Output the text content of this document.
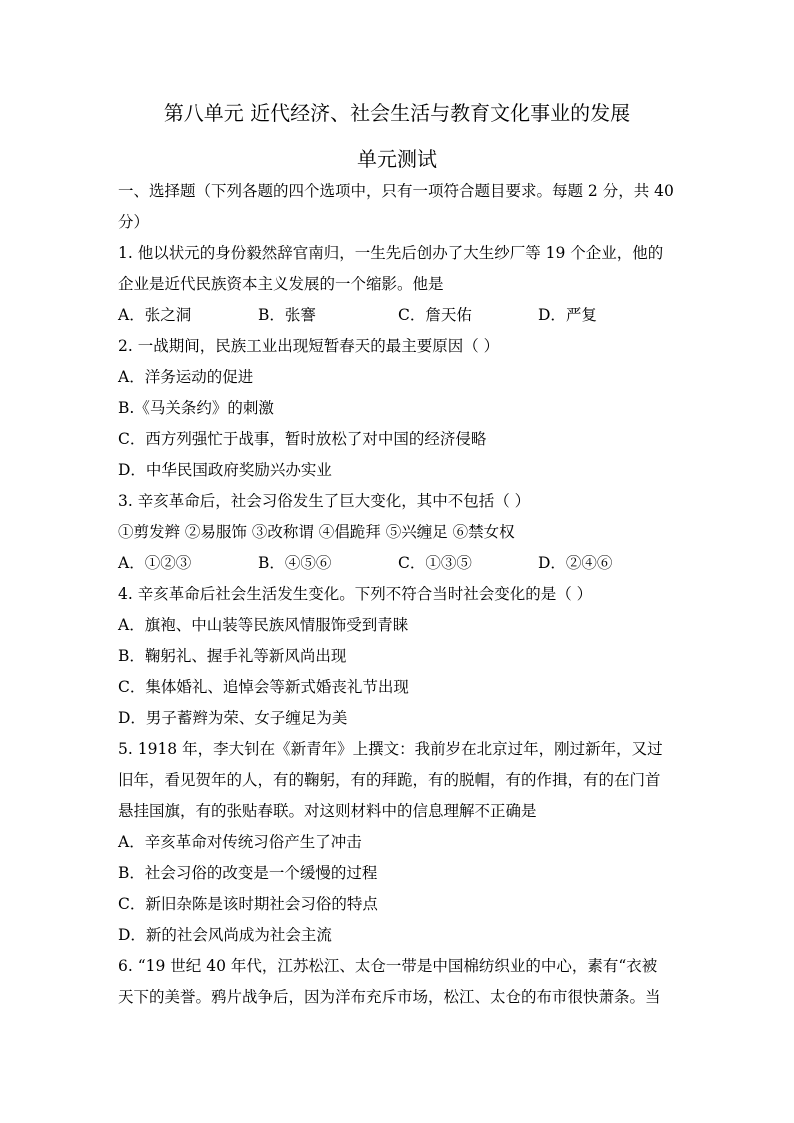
第八单元 近代经济、社会生活与教育文化事业的发展
单元测试
一、选择题（下列各题的四个选项中，只有一项符合题目要求。每题 2 分，共 40
分）
1. 他以状元的身份毅然辞官南归，一生先后创办了大生纱厂等 19 个企业，他的
企业是近代民族资本主义发展的一个缩影。他是
A．张之洞	B．张謇	C．詹天佑	D．严复
2. 一战期间，民族工业出现短暂春天的最主要原因（ ）
A．洋务运动的促进
B.《马关条约》的刺激
C．西方列强忙于战事，暂时放松了对中国的经济侵略
D．中华民国政府奖励兴办实业
3. 辛亥革命后，社会习俗发生了巨大变化，其中不包括（ ）
①剪发辫 ②易服饰 ③改称谓 ④倡跪拜 ⑤兴缠足 ⑥禁女权
A．①②③	B．④⑤⑥	C．①③⑤	D．②④⑥
4. 辛亥革命后社会生活发生变化。下列不符合当时社会变化的是（ ）
A．旗袍、中山装等民族风情服饰受到青睐
B．鞠躬礼、握手礼等新风尚出现
C．集体婚礼、追悼会等新式婚丧礼节出现
D．男子蓄辫为荣、女子缠足为美
5. 1918 年，李大钊在《新青年》上撰文：我前岁在北京过年，刚过新年，又过
旧年，看见贺年的人，有的鞠躬，有的拜跪，有的脱帽，有的作揖，有的在门首
悬挂国旗，有的张贴春联。对这则材料中的信息理解不正确是
A．辛亥革命对传统习俗产生了冲击
B．社会习俗的改变是一个缓慢的过程
C．新旧杂陈是该时期社会习俗的特点
D．新的社会风尚成为社会主流
6. “19 世纪 40 年代，江苏松江、太仓一带是中国棉纺织业的中心，素有“衣被
天下的美誉。鸦片战争后，因为洋布充斥市场，松江、太仓的布市很快萧条。当
